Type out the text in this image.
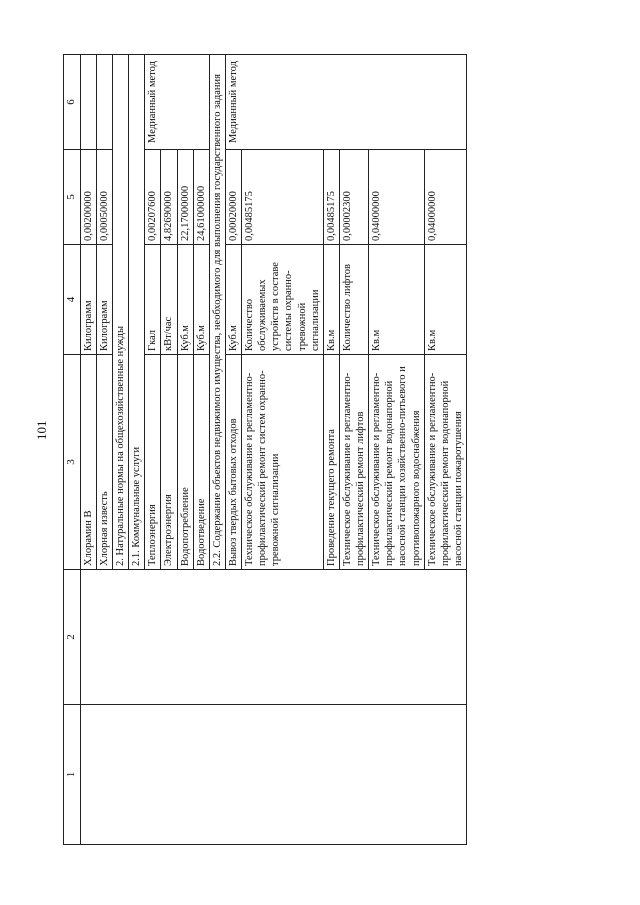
101
1	2	3	4	5	6
		Хлорамин В	Килограмм	0,00200000	
		Хлорная известь	Килограмм	0,00050000	
		2. Натуральные нормы на общехозяйственные нужды			
		2.1. Коммунальные услуги			
		Теплоэнергия	Гкал	0,00207600	Медианный метод
		Электроэнергия	кВт/час	4,82690000	
		Водопотребление	Куб.м	22,17000000	
		Водоотведение	Куб.м	24,61000000	
		2.2. Содержание объектов недвижимого имущества, необходимого для выполнения государственного задания			
		Вывоз твердых бытовых отходов	Куб.м	0,00020000	Медианный метод
		Техническое обслуживание и регламентно-профилактический ремонт систем охранно-тревожной сигнализации	Количество обслуживаемых устройств в составе системы охранно-тревожной сигнализации	0,00485175	
		Проведение текущего ремонта	Кв.м	0,00485175	
		Техническое обслуживание и регламентно-профилактический ремонт лифтов	Количество лифтов	0,00002300	
		Техническое обслуживание и регламентно-профилактический ремонт водонапорной насосной станции хозяйственно-питьевого и противопожарного водоснабжения	Кв.м	0,04000000	
		Техническое обслуживание и регламентно-профилактический ремонт водонапорной насосной станции пожаротушения	Кв.м	0,04000000	
